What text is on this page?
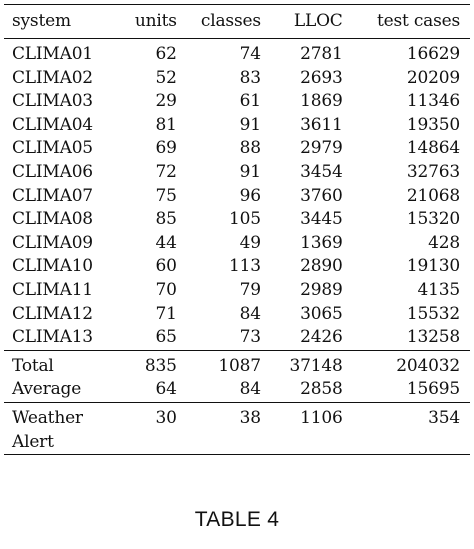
system	units	classes	LLOC	test cases
CLIMA01	62	74	2781	16629
CLIMA02	52	83	2693	20209
CLIMA03	29	61	1869	11346
CLIMA04	81	91	3611	19350
CLIMA05	69	88	2979	14864
CLIMA06	72	91	3454	32763
CLIMA07	75	96	3760	21068
CLIMA08	85	105	3445	15320
CLIMA09	44	49	1369	428
CLIMA10	60	113	2890	19130
CLIMA11	70	79	2989	4135
CLIMA12	71	84	3065	15532
CLIMA13	65	73	2426	13258
Total	835	1087	37148	204032
Average	64	84	2858	15695
Weather
Alert	30	38	1106	354
TABLE 4
